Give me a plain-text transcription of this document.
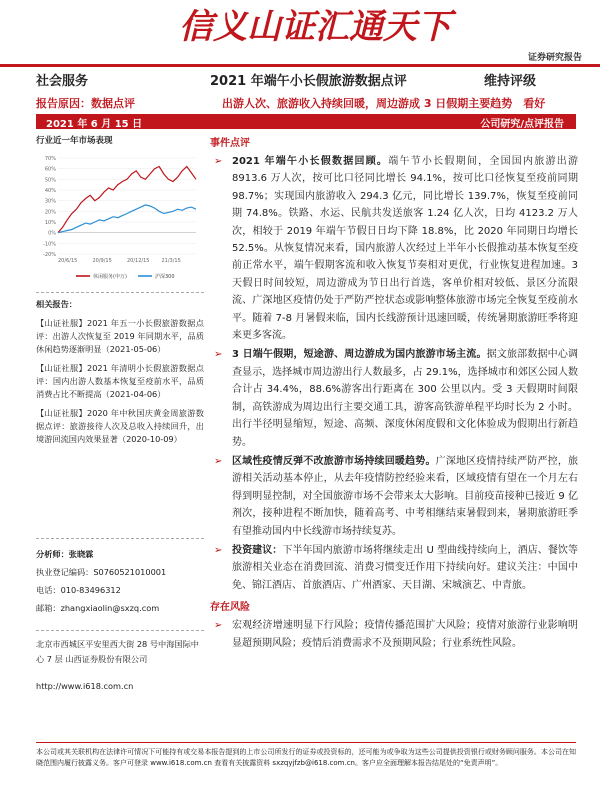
信义山证汇通天下
证券研究报告
社会服务	2021 年端午小长假旅游数据点评	维持评级
报告原因：数据点评	出游人次、旅游收入持续回暖，周边游成 3 日假期主要趋势　看好
2021 年 6 月 15 日	公司研究/点评报告
行业近一年市场表现
70%
60%
50%
40%
30%
20%
10%
0%
-10%
-20%
20/6/15	20/9/15	20/12/15 21/3/15
休闲服务(申万)	沪深300
相关报告：
【山证社服】2021 年五一小长假旅游数据点评：出游人次恢复至 2019 年同期水平，品质休闲趋势逐渐明显（2021-05-06）
【山证社服】2021 年清明小长假旅游数据点评：国内出游人数基本恢复至疫前水平，品质消费占比不断提高（2021-04-06）
【山证社服】2020 年中秋国庆黄金周旅游数据点评：旅游接待人次及总收入持续回升，出境游回流国内效果显著（2020-10-09）
分析师：张晓霖
执业登记编码：S0760521010001
电话：010-83496312
邮箱：zhangxiaolin@sxzq.com
北京市西城区平安里西大街 28 号中海国际中心 7 层 山西证券股份有限公司
http://www.i618.com.cn
事件点评
➢ 2021 年端午小长假数据回顾。端午节小长假期间，全国国内旅游出游 8913.6 万人次，按可比口径同比增长 94.1%，按可比口径恢复至疫前同期 98.7%；实现国内旅游收入 294.3 亿元，同比增长 139.7%，恢复至疫前同期 74.8%。铁路、水运、民航共发送旅客 1.24 亿人次，日均 4123.2 万人次，相较于 2019 年端午节假日日均下降 18.8%，比 2020 年同期日均增长 52.5%。从恢复情况来看，国内旅游人次经过上半年小长假推动基本恢复至疫前正常水平，端午假期客流和收入恢复节奏相对更优，行业恢复进程加速。3 天假日时间较短，周边游成为节日出行首选，客单价相对较低、景区分流限流、广深地区疫情仍处于严防严控状态或影响整体旅游市场完全恢复至疫前水平。随着 7-8 月暑假来临，国内长线游预计迅速回暖，传统暑期旅游旺季将迎来更多客流。
➢ 3 日端午假期，短途游、周边游成为国内旅游市场主流。据文旅部数据中心调查显示，选择城市周边游出行人数最多，占 29.1%，选择城市和郊区公园人数合计占 34.4%，88.6%游客出行距离在 300 公里以内。受 3 天假期时间限制，高铁游成为周边出行主要交通工具，游客高铁游单程平均时长为 2 小时。出行半径明显缩短，短途、高频、深度休闲度假和文化体验成为假期出行新趋势。
➢ 区域性疫情反弹不改旅游市场持续回暖趋势。广深地区疫情持续严防严控，旅游相关活动基本停止，从去年疫情防控经验来看，区域疫情有望在一个月左右得到明显控制，对全国旅游市场不会带来太大影响。目前疫苗接种已接近 9 亿剂次，接种进程不断加快，随着高考、中考相继结束暑假到来，暑期旅游旺季有望推动国内中长线游市场持续复苏。
➢ 投资建议：下半年国内旅游市场将继续走出 U 型曲线持续向上，酒店、餐饮等旅游相关业态在消费回流、消费习惯变迁作用下持续向好。建议关注：中国中免、锦江酒店、首旅酒店、广州酒家、天目湖、宋城演艺、中青旅。
存在风险
➢ 宏观经济增速明显下行风险；疫情传播范围扩大风险；疫情对旅游行业影响明显超预期风险；疫情后消费需求不及预期风险；行业系统性风险。
本公司或其关联机构在法律许可情况下可能持有或交易本报告提到的上市公司所发行的证券或投资标的，还可能为或争取为这些公司提供投资银行或财务顾问服务。本公司在知晓范围内履行披露义务。客户可登录 www.i618.com.cn 查看有关披露资料 sxzqyjfzb@i618.com.cn。客户应全面理解本报告结尾处的“免责声明”。
